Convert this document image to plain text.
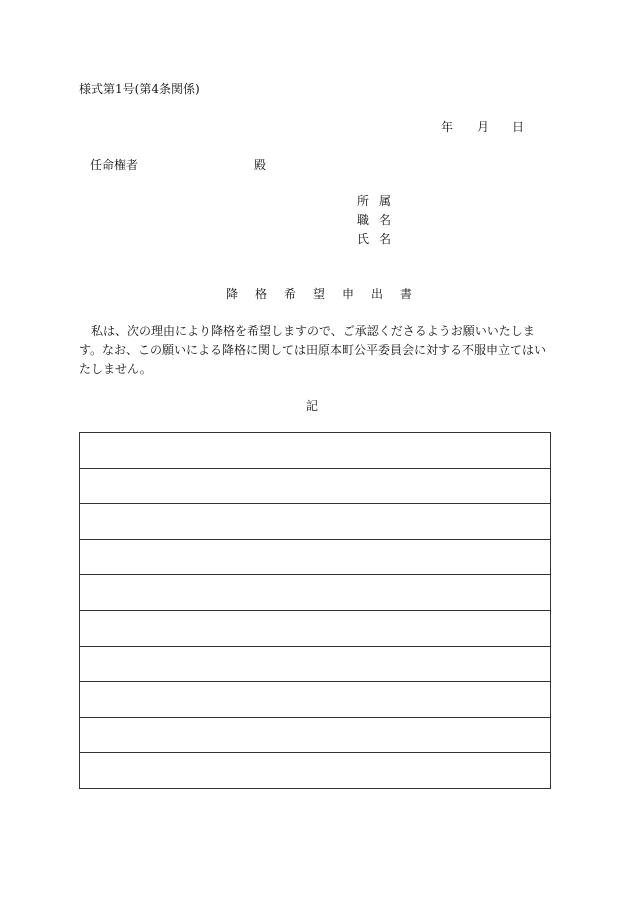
様式第1号(第4条関係)
年 月 日
任命権者	殿
所属
職名
氏名
降格希望申出書
私は、次の理由により降格を希望しますので、ご承認くださるようお願いいたします。なお、この願いによる降格に関しては田原本町公平委員会に対する不服申立てはいたしません。
記
